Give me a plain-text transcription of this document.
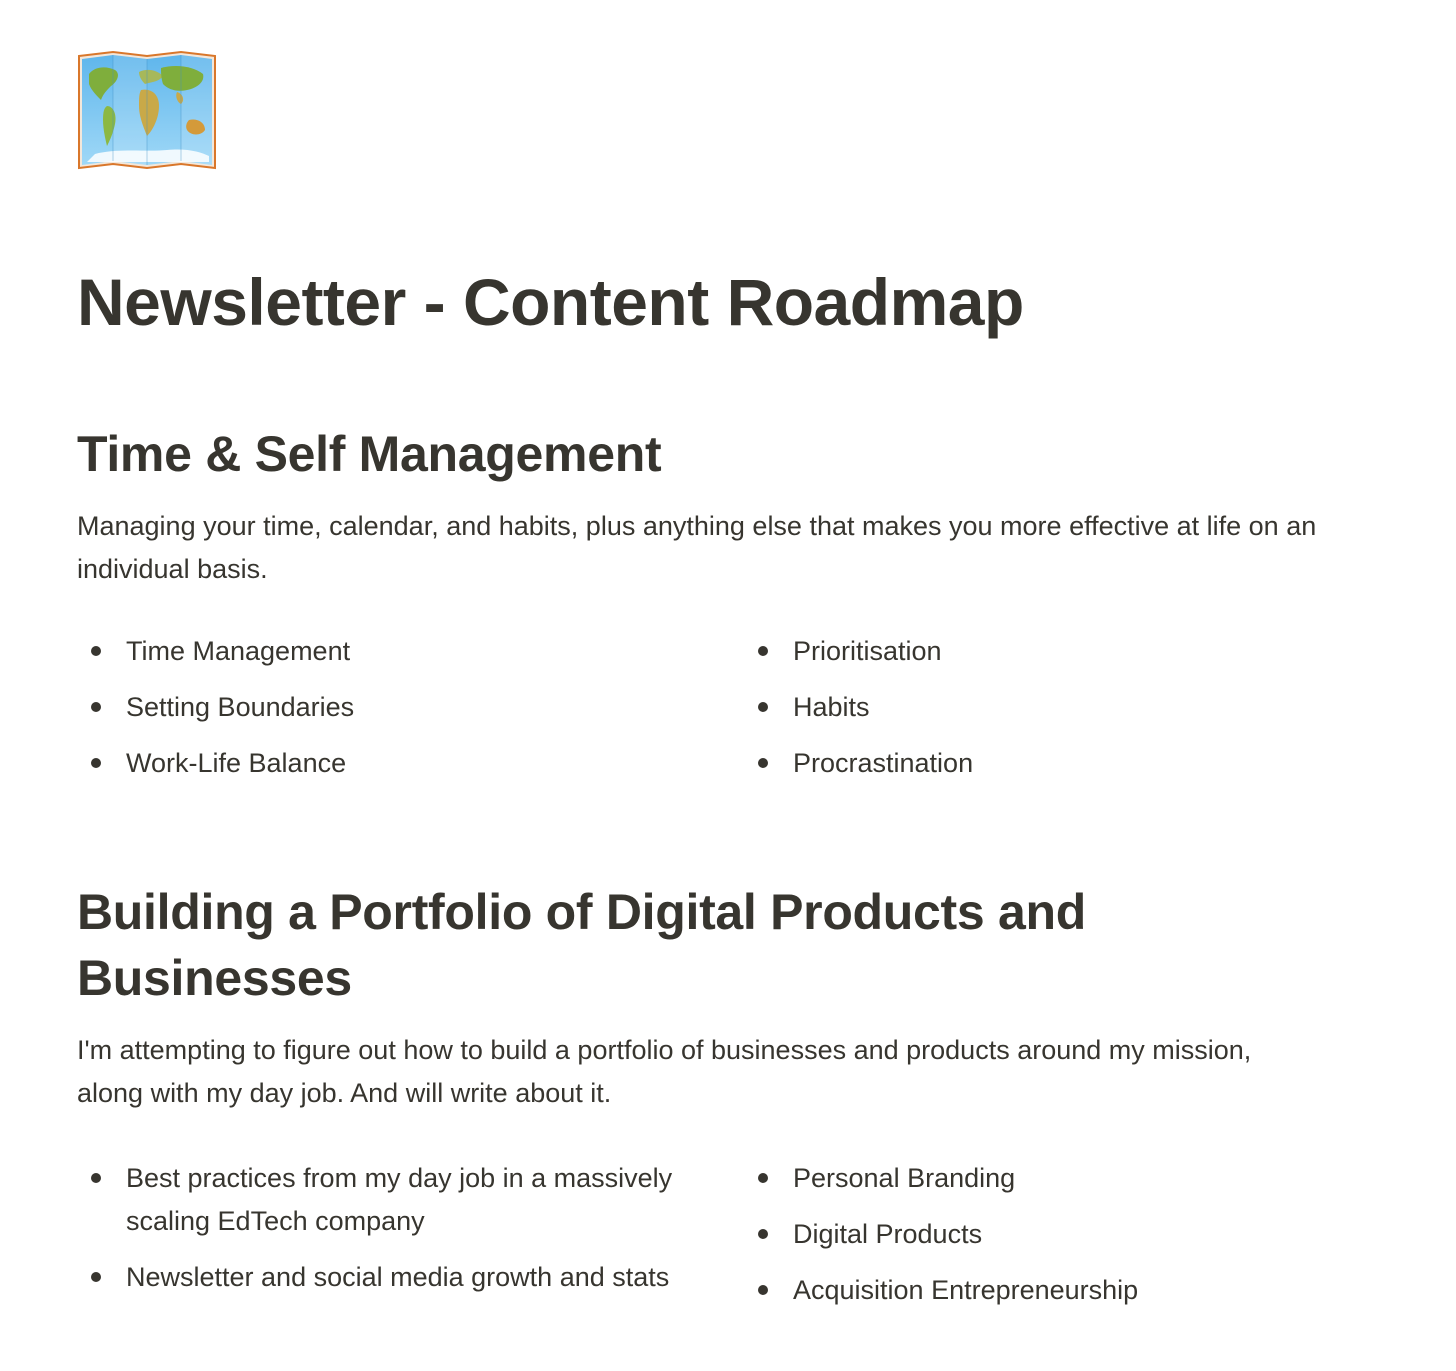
Newsletter - Content Roadmap
Time & Self Management

Managing your time, calendar, and habits, plus anything else that makes you more effective at life on an individual basis.

Time Management
Setting Boundaries
Work-Life Balance
Prioritisation
Habits
Procrastination
Building a Portfolio of Digital Products and Businesses

I'm attempting to figure out how to build a portfolio of businesses and products around my mission, along with my day job. And will write about it.

Best practices from my day job in a massively scaling EdTech company
Newsletter and social media growth and stats
Personal Branding
Digital Products
Acquisition Entrepreneurship
